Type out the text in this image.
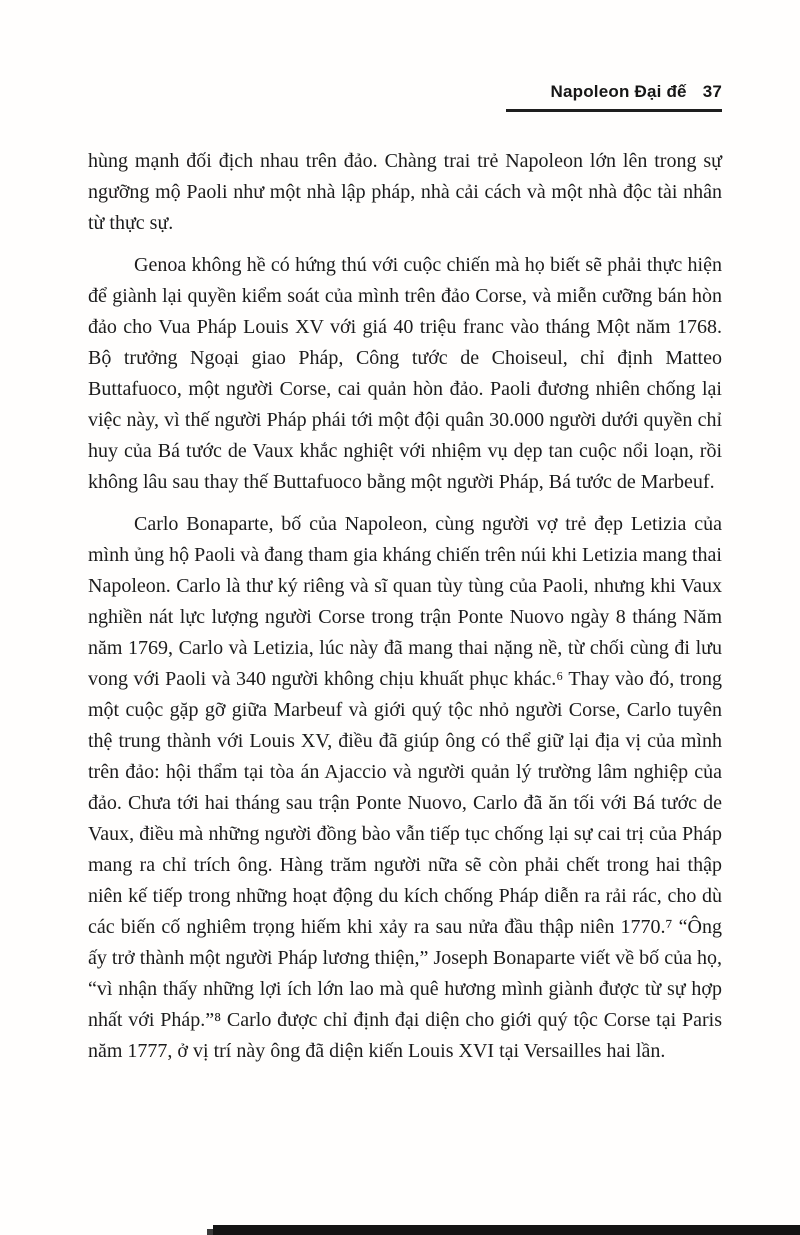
Napoleon Đại đế 37

hùng mạnh đối địch nhau trên đảo. Chàng trai trẻ Napoleon lớn lên trong sự ngưỡng mộ Paoli như một nhà lập pháp, nhà cải cách và một nhà độc tài nhân từ thực sự.

Genoa không hề có hứng thú với cuộc chiến mà họ biết sẽ phải thực hiện để giành lại quyền kiểm soát của mình trên đảo Corse, và miễn cưỡng bán hòn đảo cho Vua Pháp Louis XV với giá 40 triệu franc vào tháng Một năm 1768. Bộ trưởng Ngoại giao Pháp, Công tước de Choiseul, chỉ định Matteo Buttafuoco, một người Corse, cai quản hòn đảo. Paoli đương nhiên chống lại việc này, vì thế người Pháp phái tới một đội quân 30.000 người dưới quyền chỉ huy của Bá tước de Vaux khắc nghiệt với nhiệm vụ dẹp tan cuộc nổi loạn, rồi không lâu sau thay thế Buttafuoco bằng một người Pháp, Bá tước de Marbeuf.

Carlo Bonaparte, bố của Napoleon, cùng người vợ trẻ đẹp Letizia của mình ủng hộ Paoli và đang tham gia kháng chiến trên núi khi Letizia mang thai Napoleon. Carlo là thư ký riêng và sĩ quan tùy tùng của Paoli, nhưng khi Vaux nghiền nát lực lượng người Corse trong trận Ponte Nuovo ngày 8 tháng Năm năm 1769, Carlo và Letizia, lúc này đã mang thai nặng nề, từ chối cùng đi lưu vong với Paoli và 340 người không chịu khuất phục khác.⁶ Thay vào đó, trong một cuộc gặp gỡ giữa Marbeuf và giới quý tộc nhỏ người Corse, Carlo tuyên thệ trung thành với Louis XV, điều đã giúp ông có thể giữ lại địa vị của mình trên đảo: hội thẩm tại tòa án Ajaccio và người quản lý trường lâm nghiệp của đảo. Chưa tới hai tháng sau trận Ponte Nuovo, Carlo đã ăn tối với Bá tước de Vaux, điều mà những người đồng bào vẫn tiếp tục chống lại sự cai trị của Pháp mang ra chỉ trích ông. Hàng trăm người nữa sẽ còn phải chết trong hai thập niên kế tiếp trong những hoạt động du kích chống Pháp diễn ra rải rác, cho dù các biến cố nghiêm trọng hiếm khi xảy ra sau nửa đầu thập niên 1770.⁷ “Ông ấy trở thành một người Pháp lương thiện,” Joseph Bonaparte viết về bố của họ, “vì nhận thấy những lợi ích lớn lao mà quê hương mình giành được từ sự hợp nhất với Pháp.”⁸ Carlo được chỉ định đại diện cho giới quý tộc Corse tại Paris năm 1777, ở vị trí này ông đã diện kiến Louis XVI tại Versailles hai lần.
